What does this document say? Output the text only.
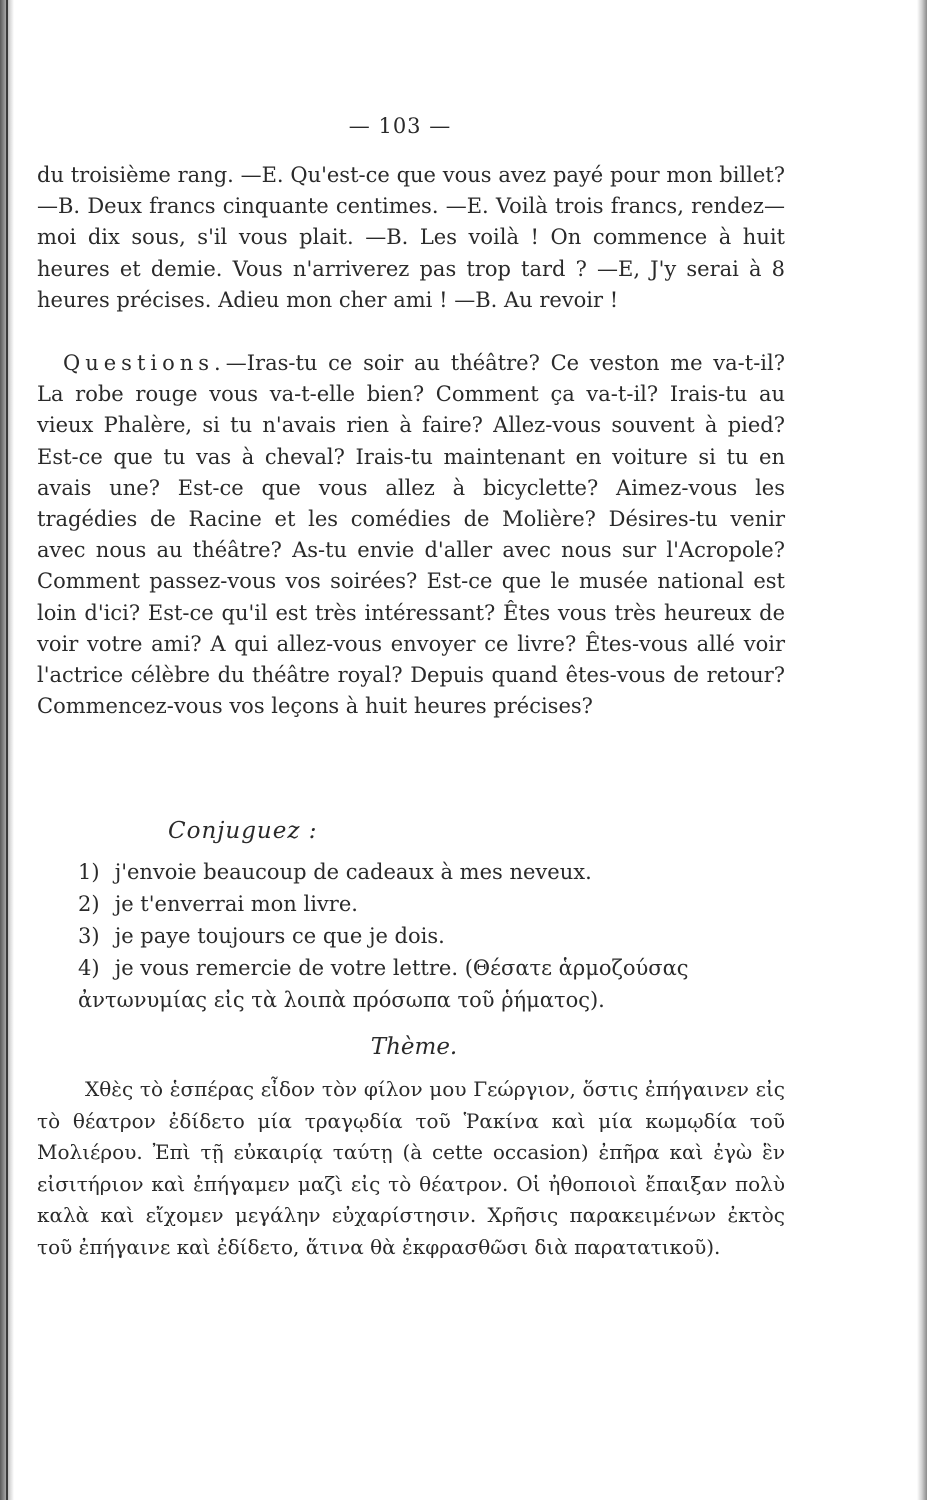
— 103 —

du troisième rang. —E. Qu'est-ce que vous avez payé pour mon billet? —B. Deux francs cinquante centimes. —E. Voilà trois francs, rendez—moi dix sous, s'il vous plait. —B. Les voilà ! On commence à huit heures et demie. Vous n'arriverez pas trop tard ? —E, J'y serai à 8 heures précises. Adieu mon cher ami ! —B. Au revoir !

Questions.—Iras-tu ce soir au théâtre? Ce veston me va-t-il? La robe rouge vous va-t-elle bien? Comment ça va-t-il? Irais-tu au vieux Phalère, si tu n'avais rien à faire? Allez-vous souvent à pied? Est-ce que tu vas à cheval? Irais-tu maintenant en voiture si tu en avais une? Est-ce que vous allez à bicyclette? Aimez-vous les tragédies de Racine et les comédies de Molière? Désires-tu venir avec nous au théâtre? As-tu envie d'aller avec nous sur l'Acropole? Comment passez-vous vos soirées? Est-ce que le musée national est loin d'ici? Est-ce qu'il est très intéressant? Êtes vous très heureux de voir votre ami? A qui allez-vous envoyer ce livre? Êtes-vous allé voir l'actrice célèbre du théâtre royal? Depuis quand êtes-vous de retour? Commencez-vous vos leçons à huit heures précises?

Conjuguez :
1) j'envoie beaucoup de cadeaux à mes neveux.
2) je t'enverrai mon livre.
3) je paye toujours ce que je dois.
4) je vous remercie de votre lettre. (Θέσατε ἁρμοζούσας ἀντωνυμίας εἰς τὰ λοιπὰ πρόσωπα τοῦ ῥήματος).
Thème.

Χθὲς τὸ ἑσπέρας εἶδον τὸν φίλον μου Γεώργιον, ὅστις ἐπήγαινεν εἰς τὸ θέατρον ἐδίδετο μία τραγῳδία τοῦ Ῥακίνα καὶ μία κωμῳδία τοῦ Μολιέρου. Ἐπὶ τῇ εὐκαιρίᾳ ταύτῃ (à cette occasion) ἐπῆρα καὶ ἐγὼ ἓν εἰσιτήριον καὶ ἐπήγαμεν μαζὶ εἰς τὸ θέατρον. Οἱ ἠθοποιοὶ ἔπαιξαν πολὺ καλὰ καὶ εἴχομεν μεγάλην εὐχαρίστησιν. Χρῆσις παρακειμένων ἐκτὸς τοῦ ἐπήγαινε καὶ ἐδίδετο, ἅτινα θὰ ἐκφρασθῶσι διὰ παρατατικοῦ).
